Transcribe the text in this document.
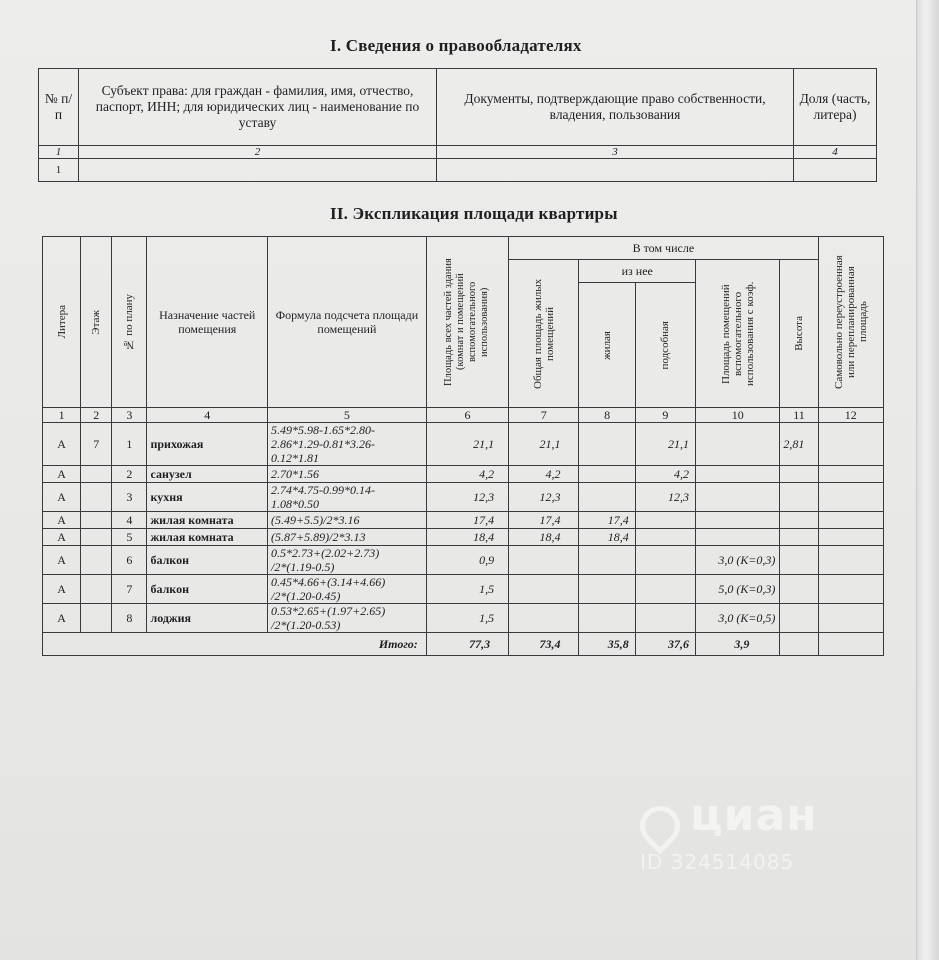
I. Сведения о правообладателях
№ п/п	Субъект права: для граждан - фамилия, имя, отчество, паспорт, ИНН; для юридических лиц - наименование по уставу	Документы, подтверждающие право собственности, владения, пользования	Доля (часть, литера)
1	2	3	4
1			
II. Экспликация площади квартиры
Литера	Этаж	№ по плану	Назначение частей помещения	Формула подсчета площади помещений	Площадь всех частей здания (комнат и помещений вспомогательного использования)	В том числе					Самовольно переустроенная или перепланированная площадь

						Общая площадь жилых помещений	из нее		Площадь помещений вспомогательного использования с коэф.	Высота	

							жилая	подсобная			

1	2	3	4	5	6	7	8	9	10	11	12
А	7	1	прихожая	5.49*5.98-1.65*2.80-
2.86*1.29-0.81*3.26-
0.12*1.81	21,1	21,1		21,1		2,81	
А		2	санузел	2.70*1.56	4,2	4,2		4,2			
А		3	кухня	2.74*4.75-0.99*0.14-
1.08*0.50	12,3	12,3		12,3			
А		4	жилая комната	(5.49+5.5)/2*3.16	17,4	17,4	17,4				
А		5	жилая комната	(5.87+5.89)/2*3.13	18,4	18,4	18,4				
А		6	балкон	0.5*2.73+(2.02+2.73)
/2*(1.19-0.5)	0,9				3,0 (К=0,3)		
А		7	балкон	0.45*4.66+(3.14+4.66)
/2*(1.20-0.45)	1,5				5,0 (К=0,3)		
А		8	лоджия	0.53*2.65+(1.97+2.65)
/2*(1.20-0.53)	1,5				3,0 (К=0,5)		
Итого:					77,3	73,4	35,8	37,6	3,9		
циан
ID 324514085
